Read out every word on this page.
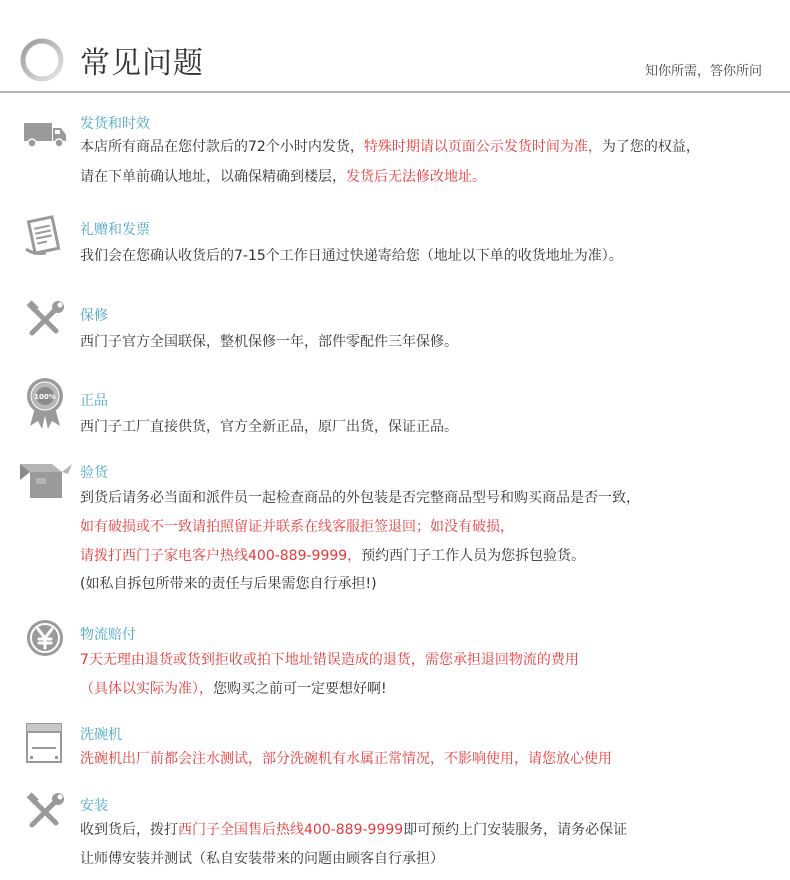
常见问题	知你所需，答你所问
发货和时效
本店所有商品在您付款后的72个小时内发货，特殊时期请以页面公示发货时间为准，为了您的权益，
请在下单前确认地址，以确保精确到楼层，发货后无法修改地址。
礼赠和发票
我们会在您确认收货后的7-15个工作日通过快递寄给您（地址以下单的收货地址为准）。
保修
西门子官方全国联保，整机保修一年，部件零配件三年保修。
100% 正品
西门子工厂直接供货，官方全新正品，原厂出货，保证正品。
验货
到货后请务必当面和派件员一起检查商品的外包装是否完整商品型号和购买商品是否一致，
如有破损或不一致请拍照留证并联系在线客服拒签退回；如没有破损，
请拨打西门子家电客户热线400-889-9999，预约西门子工作人员为您拆包验货。
(如私自拆包所带来的责任与后果需您自行承担!)
物流赔付
7天无理由退货或货到拒收或拍下地址错误造成的退货，需您承担退回物流的费用
（具体以实际为准），您购买之前可一定要想好啊!
洗碗机
洗碗机出厂前都会注水测试，部分洗碗机有水属正常情况，不影响使用，请您放心使用
安装
收到货后，拨打西门子全国售后热线400-889-9999即可预约上门安装服务，请务必保证
让师傅安装并测试（私自安装带来的问题由顾客自行承担）
